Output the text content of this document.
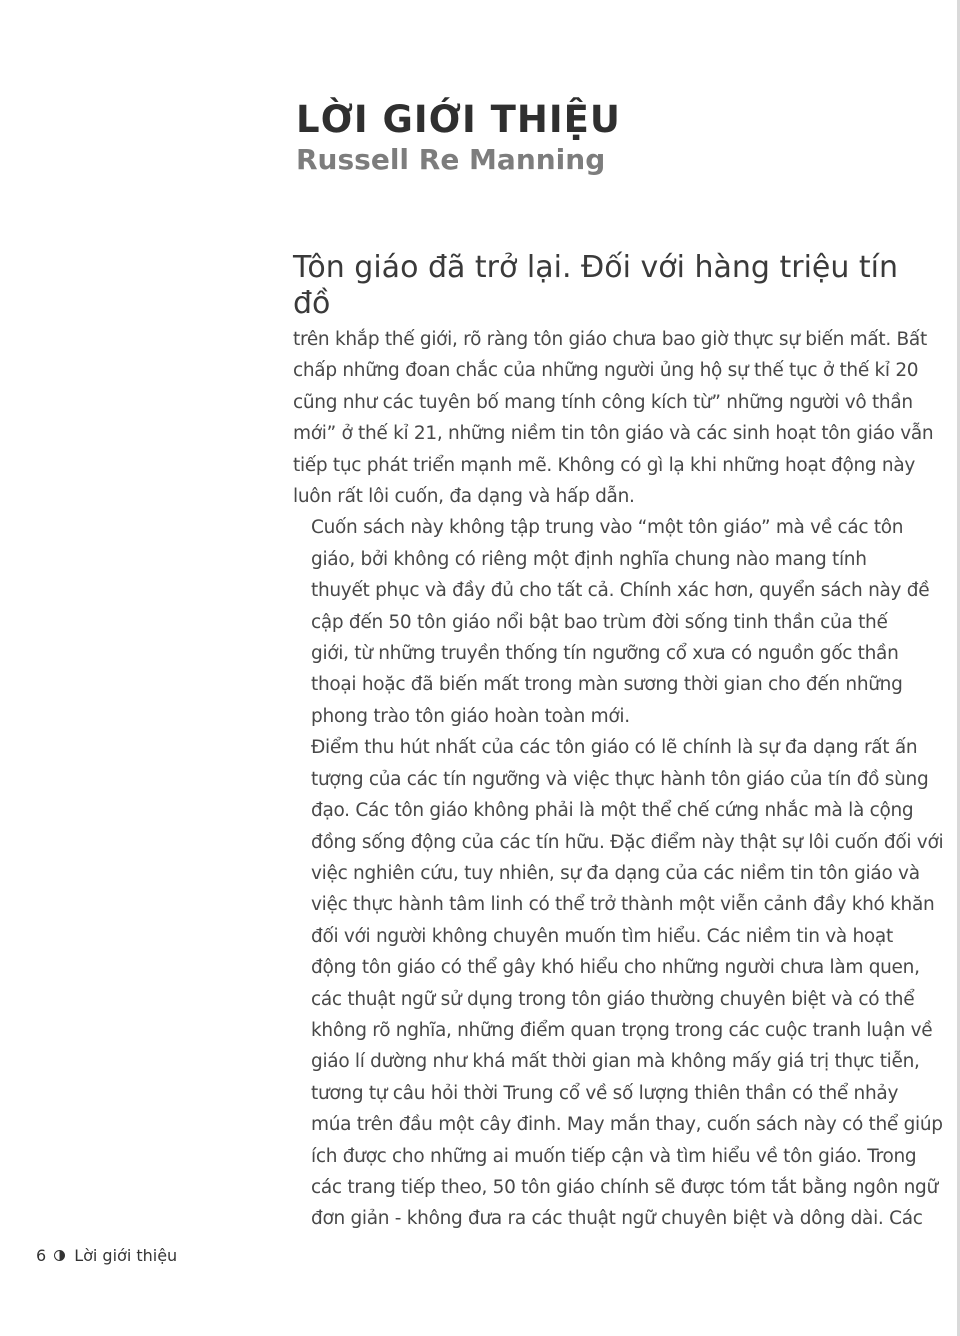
LỜI GIỚI THIỆU
Russell Re Manning

Tôn giáo đã trở lại. Đối với hàng triệu tín đồ
trên khắp thế giới, rõ ràng tôn giáo chưa bao giờ thực sự biến mất. Bất
chấp những đoan chắc của những người ủng hộ sự thế tục ở thế kỉ 20
cũng như các tuyên bố mang tính công kích từ” những người vô thần
mới” ở thế kỉ 21, những niềm tin tôn giáo và các sinh hoạt tôn giáo vẫn
tiếp tục phát triển mạnh mẽ. Không có gì lạ khi những hoạt động này
luôn rất lôi cuốn, đa dạng và hấp dẫn.

Cuốn sách này không tập trung vào “một tôn giáo” mà về các tôn
giáo, bởi không có riêng một định nghĩa chung nào mang tính
thuyết phục và đầy đủ cho tất cả. Chính xác hơn, quyển sách này đề
cập đến 50 tôn giáo nổi bật bao trùm đời sống tinh thần của thế
giới, từ những truyền thống tín ngưỡng cổ xưa có nguồn gốc thần
thoại hoặc đã biến mất trong màn sương thời gian cho đến những
phong trào tôn giáo hoàn toàn mới.

Điểm thu hút nhất của các tôn giáo có lẽ chính là sự đa dạng rất ấn
tượng của các tín ngưỡng và việc thực hành tôn giáo của tín đồ sùng
đạo. Các tôn giáo không phải là một thể chế cứng nhắc mà là cộng
đồng sống động của các tín hữu. Đặc điểm này thật sự lôi cuốn đối với
việc nghiên cứu, tuy nhiên, sự đa dạng của các niềm tin tôn giáo và
việc thực hành tâm linh có thể trở thành một viễn cảnh đầy khó khăn
đối với người không chuyên muốn tìm hiểu. Các niềm tin và hoạt
động tôn giáo có thể gây khó hiểu cho những người chưa làm quen,
các thuật ngữ sử dụng trong tôn giáo thường chuyên biệt và có thể
không rõ nghĩa, những điểm quan trọng trong các cuộc tranh luận về
giáo lí dường như khá mất thời gian mà không mấy giá trị thực tiễn,
tương tự câu hỏi thời Trung cổ về số lượng thiên thần có thể nhảy
múa trên đầu một cây đinh. May mắn thay, cuốn sách này có thể giúp
ích được cho những ai muốn tiếp cận và tìm hiểu về tôn giáo. Trong
các trang tiếp theo, 50 tôn giáo chính sẽ được tóm tắt bằng ngôn ngữ
đơn giản - không đưa ra các thuật ngữ chuyên biệt và dông dài. Các

6 Lời giới thiệu
